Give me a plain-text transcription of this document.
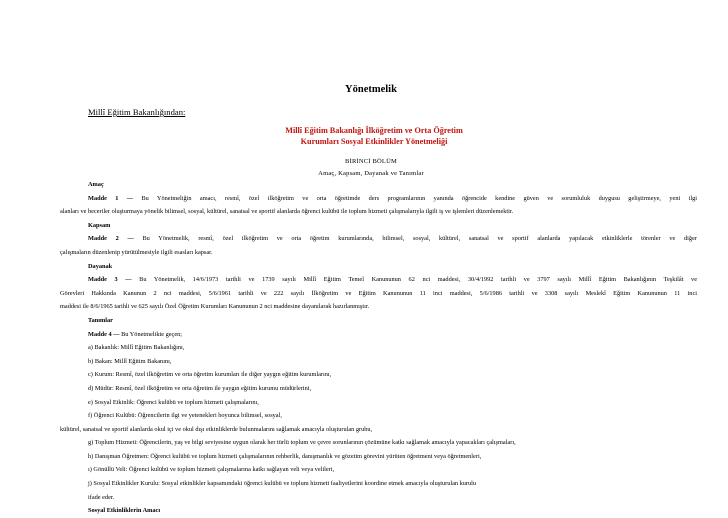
Yönetmelik
Millî Eğitim Bakanlığından:
Millî Eğitim Bakanlığı İlköğretim ve Orta Öğretim
Kurumları Sosyal Etkinlikler Yönetmeliği
BİRİNCİ BÖLÜM
Amaç, Kapsam, Dayanak ve Tanımlar

Amaç

Madde 1 — Bu Yönetmeliğin amacı, resmî, özel ilköğretim ve orta öğretimde ders programlarının yanında öğrencide kendine güven ve sorumluluk duygusu geliştirmeye, yeni ilgi

alanları ve beceriler oluşturmaya yönelik bilimsel, sosyal, kültürel, sanatsal ve sportif alanlarda öğrenci kulübü ile toplum hizmeti çalışmalarıyla ilgili iş ve işlemleri düzenlemektir.

Kapsam

Madde 2 — Bu Yönetmelik, resmî, özel ilköğretim ve orta öğretim kurumlarında, bilimsel, sosyal, kültürel, sanatsal ve sportif alanlarda yapılacak etkinliklerle törenler ve diğer

çalışmaların düzenlenip yürütülmesiyle ilgili esasları kapsar.

Dayanak

Madde 3 — Bu Yönetmelik, 14/6/1973 tarihli ve 1739 sayılı Millî Eğitim Temel Kanununun 62 nci maddesi, 30/4/1992 tarihli ve 3797 sayılı Millî Eğitim Bakanlığının Teşkilât ve

Görevleri Hakkında Kanunun 2 nci maddesi, 5/6/1961 tarihli ve 222 sayılı İlköğretim ve Eğitim Kanununun 11 inci maddesi, 5/6/1986 tarihli ve 3308 sayılı Meslekî Eğitim Kanununun 11 inci

maddesi ile 8/6/1965 tarihli ve 625 sayılı Özel Öğretim Kurumları Kanununun 2 nci maddesine dayanılarak hazırlanmıştır.

Tanımlar

Madde 4 — Bu Yönetmelikte geçen;

a) Bakanlık: Millî Eğitim Bakanlığını,

b) Bakan: Millî Eğitim Bakanını,

c) Kurum: Resmî, özel ilköğretim ve orta öğretim kurumları ile diğer yaygın eğitim kurumlarını,

d) Müdür: Resmî, özel ilköğretim ve orta öğretim ile yaygın eğitim kurumu müdürlerini,

e) Sosyal Etkinlik: Öğrenci kulübü ve toplum hizmeti çalışmalarını,

f) Öğrenci Kulübü: Öğrencilerin ilgi ve yetenekleri boyunca bilimsel, sosyal,

kültürel, sanatsal ve sportif alanlarda okul içi ve okul dışı etkinliklerde bulunmalarını sağlamak amacıyla oluşturulan grubu,

g) Toplum Hizmeti: Öğrencilerin, yaş ve bilgi seviyesine uygun olarak her türlü toplum ve çevre sorunlarının çözümüne katkı sağlamak amacıyla yapacakları çalışmaları,

h) Danışman Öğretmen: Öğrenci kulübü ve toplum hizmeti çalışmalarının rehberlik, danışmanlık ve gözetim görevini yürüten öğretmeni veya öğretmenleri,

ı) Gönüllü Veli: Öğrenci kulübü ve toplum hizmeti çalışmalarına katkı sağlayan veli veya velileri,

j) Sosyal Etkinlikler Kurulu: Sosyal etkinlikler kapsamındaki öğrenci kulübü ve toplum hizmeti faaliyetlerini koordine etmek amacıyla oluşturulan kurulu

ifade eder.

Sosyal Etkinliklerin Amacı
